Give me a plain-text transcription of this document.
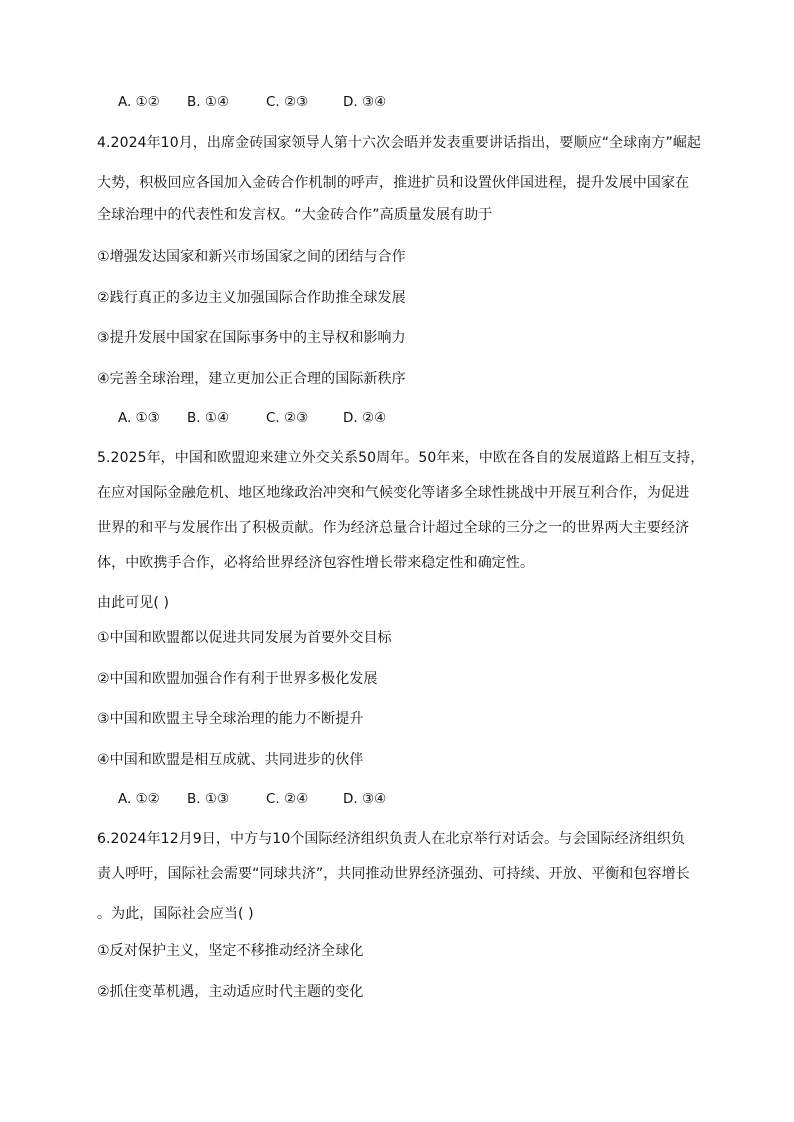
A. ①② B. ①④	C. ②③	D. ③④
4.2024年10月，出席金砖国家领导人第十六次会晤并发表重要讲话指出，要顺应“全球南方”崛起
大势，积极回应各国加入金砖合作机制的呼声，推进扩员和设置伙伴国进程，提升发展中国家在
全球治理中的代表性和发言权。“大金砖合作”高质量发展有助于
①增强发达国家和新兴市场国家之间的团结与合作
②践行真正的多边主义加强国际合作助推全球发展
③提升发展中国家在国际事务中的主导权和影响力
④完善全球治理，建立更加公正合理的国际新秩序
A. ①③ B. ①④	C. ②③	D. ②④
5.2025年，中国和欧盟迎来建立外交关系50周年。50年来，中欧在各自的发展道路上相互支持，
在应对国际金融危机、地区地缘政治冲突和气候变化等诸多全球性挑战中开展互利合作，为促进
世界的和平与发展作出了积极贡献。作为经济总量合计超过全球的三分之一的世界两大主要经济
体，中欧携手合作，必将给世界经济包容性增长带来稳定性和确定性。
由此可见( )
①中国和欧盟都以促进共同发展为首要外交目标
②中国和欧盟加强合作有利于世界多极化发展
③中国和欧盟主导全球治理的能力不断提升
④中国和欧盟是相互成就、共同进步的伙伴
A. ①② B. ①③	C. ②④	D. ③④
6.2024年12月9日，中方与10个国际经济组织负责人在北京举行对话会。与会国际经济组织负
责人呼吁，国际社会需要“同球共济”，共同推动世界经济强劲、可持续、开放、平衡和包容增长
。为此，国际社会应当( )
①反对保护主义，坚定不移推动经济全球化
②抓住变革机遇，主动适应时代主题的变化
